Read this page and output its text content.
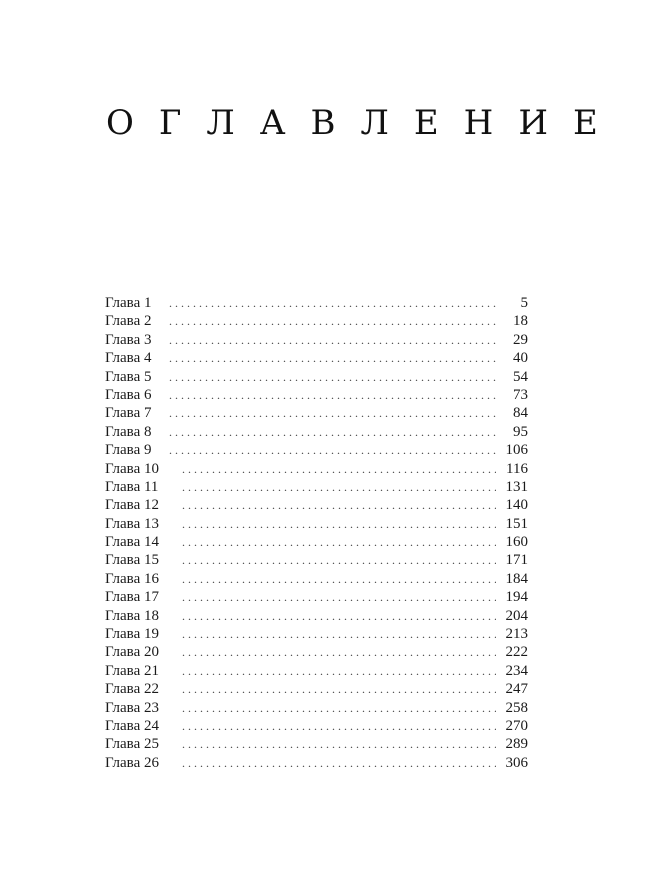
ОГЛАВЛЕНИЕ
Глава 1 . . .	5
Глава 2 . . .	18
Глава 3 . . .	29
Глава 4 . . .	40
Глава 5 . . .	54
Глава 6 . . .	73
Глава 7 . . .	84
Глава 8 . . .	95
Глава 9 . . .	106
Глава 10 . . .	116
Глава 11 . . .	131
Глава 12 . . .	140
Глава 13 . . .	151
Глава 14 . . .	160
Глава 15 . . .	171
Глава 16 . . .	184
Глава 17 . . .	194
Глава 18 . . .	204
Глава 19 . . .	213
Глава 20 . . .	222
Глава 21 . . .	234
Глава 22 . . .	247
Глава 23 . . .	258
Глава 24 . . .	270
Глава 25 . . .	289
Глава 26 . . .	306
